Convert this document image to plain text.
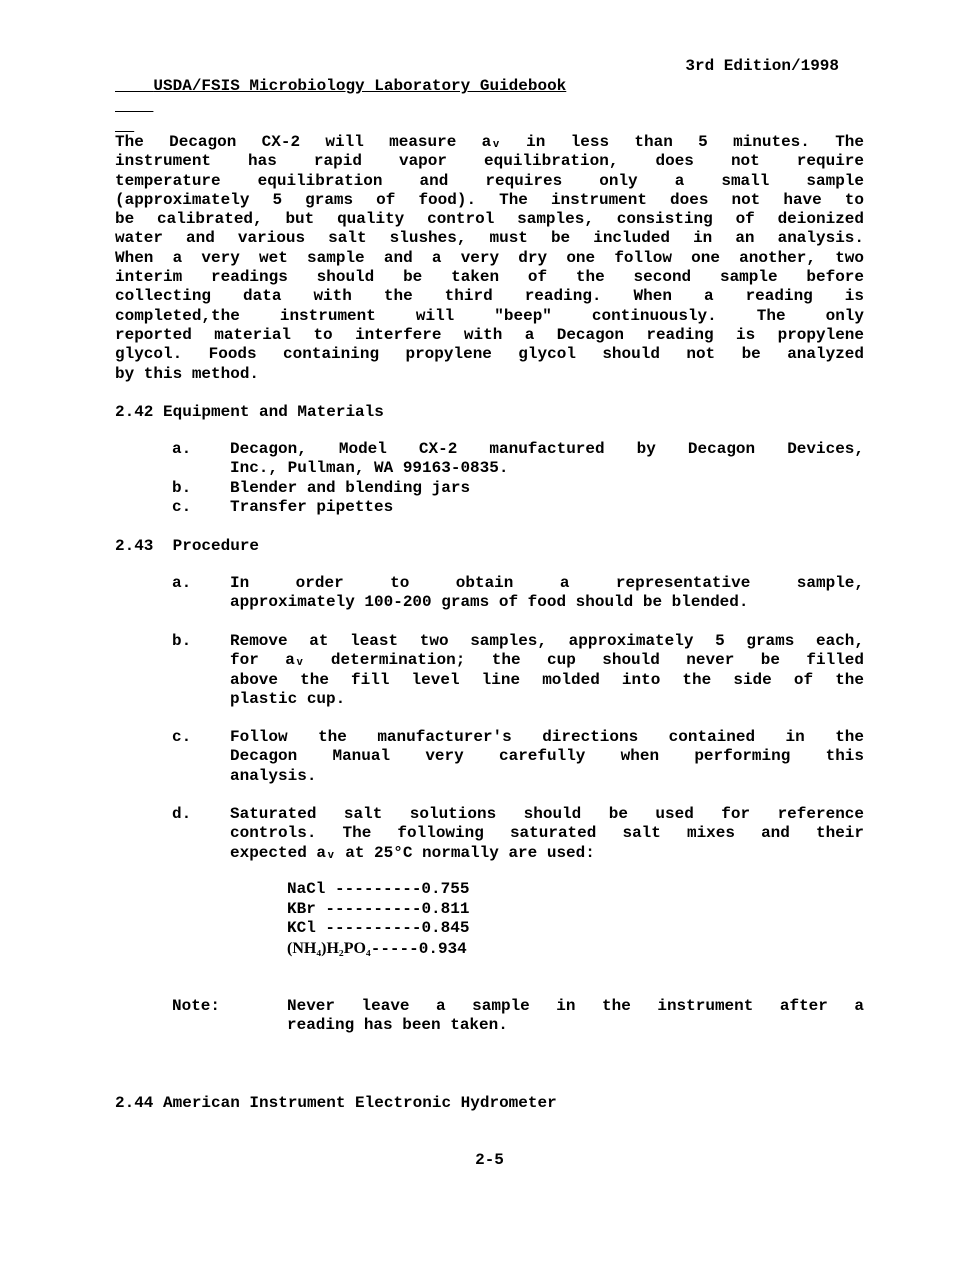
USDA/FSIS Microbiology Laboratory Guidebook

3rd Edition/1998

The Decagon CX-2 will measure aᵥ in less than 5 minutes. The
instrument has rapid vapor equilibration, does not require
temperature equilibration and requires only a small sample
(approximately 5 grams of food). The instrument does not have to
be calibrated, but quality control samples, consisting of deionized
water and various salt slushes, must be included in an analysis.
When a very wet sample and a very dry one follow one another, two
interim readings should be taken of the second sample before
collecting data with the third reading. When a reading is
completed,the instrument will "beep" continuously. The only
reported material to interfere with a Decagon reading is propylene
glycol. Foods containing propylene glycol should not be analyzed
by this method.
2.42 Equipment and Materials
a. Decagon, Model CX-2 manufactured by Decagon Devices,
Inc., Pullman, WA 99163-0835.
b. Blender and blending jars
c. Transfer pipettes
2.43  Procedure
a. In order to obtain a representative sample,
approximately 100-200 grams of food should be blended.
b. Remove at least two samples, approximately 5 grams each,
for aᵥ determination; the cup should never be filled
above the fill level line molded into the side of the
plastic cup.
c. Follow the manufacturer's directions contained in the
Decagon Manual very carefully when performing this
analysis.
d. Saturated salt solutions should be used for reference
controls. The following saturated salt mixes and their
expected aᵥ at 25°C normally are used:
NaCl ---------0.755
KBr ----------0.811
KCl ----------0.845
(NH₄)H₂PO₄-----0.934
Note:	Never leave a sample in the instrument after a
reading has been taken.
2.44 American Instrument Electronic Hydrometer
2-5
